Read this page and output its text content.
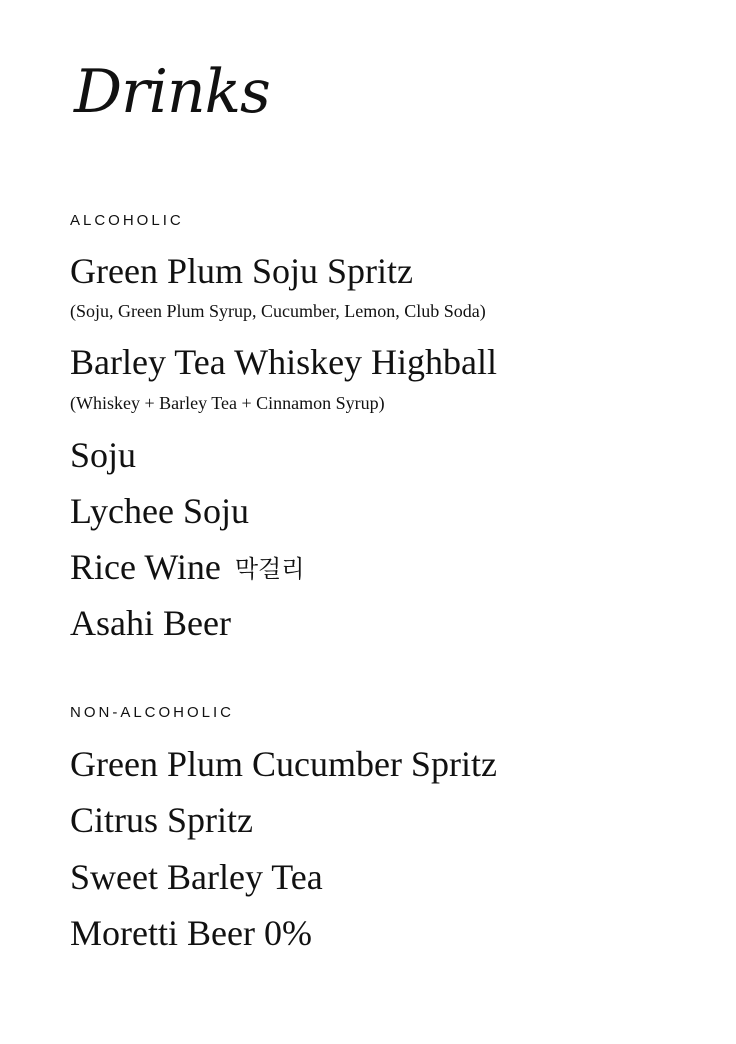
Drinks
ALCOHOLIC
Green Plum Soju Spritz
(Soju, Green Plum Syrup, Cucumber, Lemon, Club Soda)
Barley Tea Whiskey Highball
(Whiskey + Barley Tea + Cinnamon Syrup)
Soju
Lychee Soju
Rice Wine 막걸리
Asahi Beer
NON-ALCOHOLIC
Green Plum Cucumber Spritz
Citrus Spritz
Sweet Barley Tea
Moretti Beer 0%
